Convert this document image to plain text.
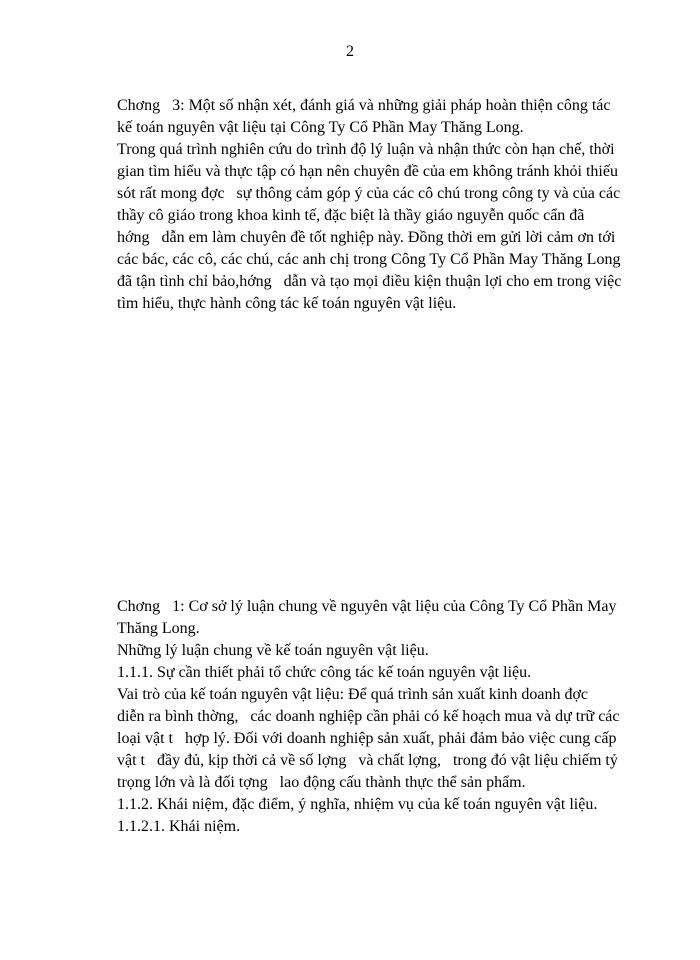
2
Chơng   3: Một số nhận xét, đánh giá và những giải pháp hoàn thiện công tác
kế toán nguyên vật liệu tại Công Ty Cổ Phần May Thăng Long.
Trong quá trình nghiên cứu do trình độ lý luận và nhận thức còn hạn chế, thời
gian tìm hiểu và thực tập có hạn nên chuyên đề của em không tránh khỏi thiếu
sót rất mong đợc   sự thông cảm góp ý của các cô chú trong công ty và của các
thầy cô giáo trong khoa kinh tế, đặc biệt là thầy giáo nguyễn quốc cẩn đã
hớng   dẫn em làm chuyên đề tốt nghiệp này. Đồng thời em gửi lời cảm ơn tới
các bác, các cô, các chú, các anh chị trong Công Ty Cổ Phần May Thăng Long
đã tận tình chỉ bảo,hớng   dẫn và tạo mọi điều kiện thuận lợi cho em trong việc
tìm hiểu, thực hành công tác kế toán nguyên vật liệu.
Chơng   1: Cơ sở lý luận chung về nguyên vật liệu của Công Ty Cổ Phần May
Thăng Long.
Những lý luận chung về kế toán nguyên vật liệu.
1.1.1. Sự cần thiết phải tổ chức công tác kế toán nguyên vật liệu.
Vai trò của kế toán nguyên vật liệu: Để quá trình sản xuất kinh doanh đợc
diễn ra bình thờng,   các doanh nghiệp cần phải có kế hoạch mua và dự trữ các
loại vật t   hợp lý. Đối với doanh nghiệp sản xuất, phải đảm bảo việc cung cấp
vật t   đầy đủ, kịp thời cả về số lợng   và chất lợng,   trong đó vật liệu chiếm tỷ
trọng lớn và là đối tợng   lao động cấu thành thực thể sản phẩm.
1.1.2. Khái niệm, đặc điểm, ý nghĩa, nhiệm vụ của kế toán nguyên vật liệu.
1.1.2.1. Khái niệm.
